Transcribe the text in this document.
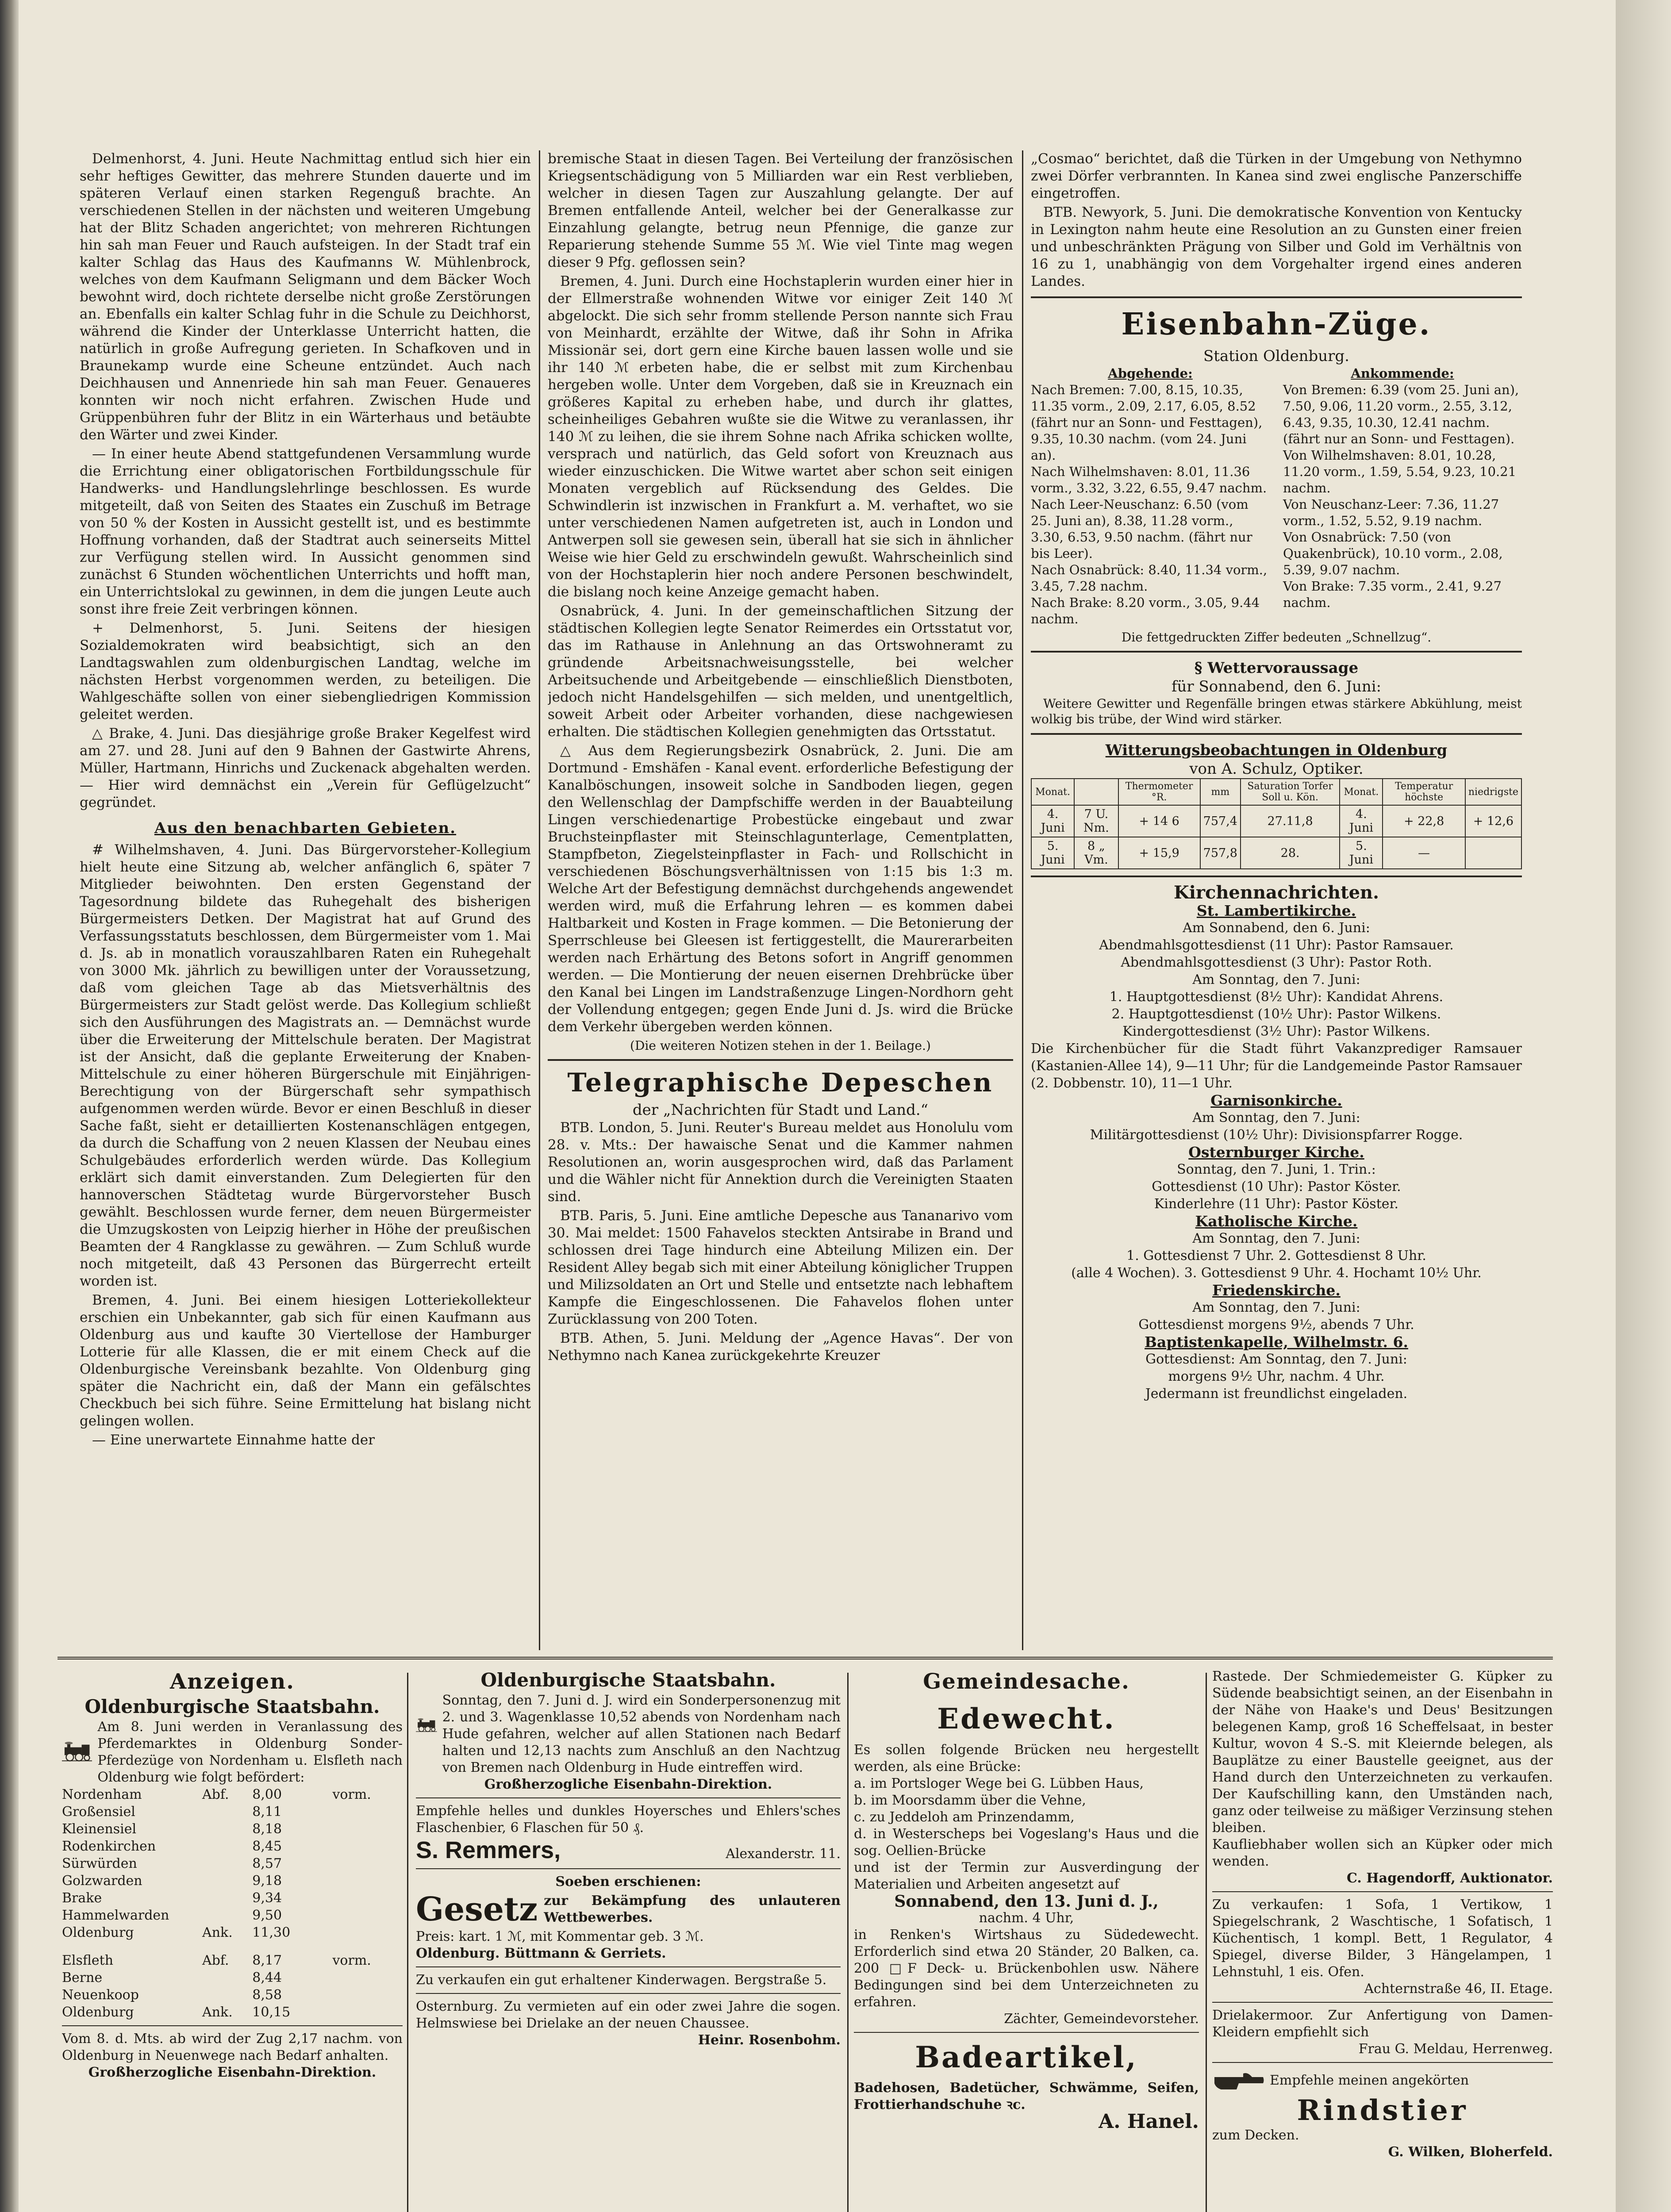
Delmenhorst, 4. Juni. Heute Nachmittag entlud sich hier ein sehr heftiges Gewitter, das mehrere Stunden dauerte und im späteren Verlauf einen starken Regenguß brachte. An verschiedenen Stellen in der nächsten und weiteren Umgebung hat der Blitz Schaden angerichtet; von mehreren Richtungen hin sah man Feuer und Rauch aufsteigen. In der Stadt traf ein kalter Schlag das Haus des Kaufmanns W. Mühlenbrock, welches von dem Kaufmann Seligmann und dem Bäcker Woch bewohnt wird, doch richtete derselbe nicht große Zerstörungen an. Ebenfalls ein kalter Schlag fuhr in die Schule zu Deichhorst, während die Kinder der Unterklasse Unterricht hatten, die natürlich in große Aufregung gerieten. In Schafkoven und in Braunekamp wurde eine Scheune entzündet. Auch nach Deichhausen und Annenriede hin sah man Feuer. Genaueres konnten wir noch nicht erfahren. Zwischen Hude und Grüppenbühren fuhr der Blitz in ein Wärterhaus und betäubte den Wärter und zwei Kinder.
— In einer heute Abend stattgefundenen Versammlung wurde die Errichtung einer obligatorischen Fortbildungsschule für Handwerks- und Handlungslehrlinge beschlossen. Es wurde mitgeteilt, daß von Seiten des Staates ein Zuschuß im Betrage von 50 % der Kosten in Aussicht gestellt ist, und es bestimmte Hoffnung vorhanden, daß der Stadtrat auch seinerseits Mittel zur Verfügung stellen wird. In Aussicht genommen sind zunächst 6 Stunden wöchentlichen Unterrichts und hofft man, ein Unterrichtslokal zu gewinnen, in dem die jungen Leute auch sonst ihre freie Zeit verbringen können.
+ Delmenhorst, 5. Juni. Seitens der hiesigen Sozialdemokraten wird beabsichtigt, sich an den Landtagswahlen zum oldenburgischen Landtag, welche im nächsten Herbst vorgenommen werden, zu beteiligen. Die Wahlgeschäfte sollen von einer siebengliedrigen Kommission geleitet werden.
△ Brake, 4. Juni. Das diesjährige große Braker Kegelfest wird am 27. und 28. Juni auf den 9 Bahnen der Gastwirte Ahrens, Müller, Hartmann, Hinrichs und Zuckenack abgehalten werden. — Hier wird demnächst ein „Verein für Geflügelzucht“ gegründet.
Aus den benachbarten Gebieten.
# Wilhelmshaven, 4. Juni. Das Bürgervorsteher-Kollegium hielt heute eine Sitzung ab, welcher anfänglich 6, später 7 Mitglieder beiwohnten. Den ersten Gegenstand der Tagesordnung bildete das Ruhegehalt des bisherigen Bürgermeisters Detken. Der Magistrat hat auf Grund des Verfassungsstatuts beschlossen, dem Bürgermeister vom 1. Mai d. Js. ab in monatlich vorauszahlbaren Raten ein Ruhegehalt von 3000 Mk. jährlich zu bewilligen unter der Voraussetzung, daß vom gleichen Tage ab das Mietsverhältnis des Bürgermeisters zur Stadt gelöst werde. Das Kollegium schließt sich den Ausführungen des Magistrats an. — Demnächst wurde über die Erweiterung der Mittelschule beraten. Der Magistrat ist der Ansicht, daß die geplante Erweiterung der Knaben-Mittelschule zu einer höheren Bürgerschule mit Einjährigen-Berechtigung von der Bürgerschaft sehr sympathisch aufgenommen werden würde. Bevor er einen Beschluß in dieser Sache faßt, sieht er detaillierten Kostenanschlägen entgegen, da durch die Schaffung von 2 neuen Klassen der Neubau eines Schulgebäudes erforderlich werden würde. Das Kollegium erklärt sich damit einverstanden. Zum Delegierten für den hannoverschen Städtetag wurde Bürgervorsteher Busch gewählt. Beschlossen wurde ferner, dem neuen Bürgermeister die Umzugskosten von Leipzig hierher in Höhe der preußischen Beamten der 4 Rangklasse zu gewähren. — Zum Schluß wurde noch mitgeteilt, daß 43 Personen das Bürgerrecht erteilt worden ist.
Bremen, 4. Juni. Bei einem hiesigen Lotteriekollekteur erschien ein Unbekannter, gab sich für einen Kaufmann aus Oldenburg aus und kaufte 30 Viertellose der Hamburger Lotterie für alle Klassen, die er mit einem Check auf die Oldenburgische Vereinsbank bezahlte. Von Oldenburg ging später die Nachricht ein, daß der Mann ein gefälschtes Checkbuch bei sich führe. Seine Ermittelung hat bislang nicht gelingen wollen.
— Eine unerwartete Einnahme hatte der
bremische Staat in diesen Tagen. Bei Verteilung der französischen Kriegsentschädigung von 5 Milliarden war ein Rest verblieben, welcher in diesen Tagen zur Auszahlung gelangte. Der auf Bremen entfallende Anteil, welcher bei der Generalkasse zur Einzahlung gelangte, betrug neun Pfennige, die ganze zur Reparierung stehende Summe 55 ℳ. Wie viel Tinte mag wegen dieser 9 Pfg. geflossen sein?
Bremen, 4. Juni. Durch eine Hochstaplerin wurden einer hier in der Ellmerstraße wohnenden Witwe vor einiger Zeit 140 ℳ abgelockt. Die sich sehr fromm stellende Person nannte sich Frau von Meinhardt, erzählte der Witwe, daß ihr Sohn in Afrika Missionär sei, dort gern eine Kirche bauen lassen wolle und sie ihr 140 ℳ erbeten habe, die er selbst mit zum Kirchenbau hergeben wolle. Unter dem Vorgeben, daß sie in Kreuznach ein größeres Kapital zu erheben habe, und durch ihr glattes, scheinheiliges Gebahren wußte sie die Witwe zu veranlassen, ihr 140 ℳ zu leihen, die sie ihrem Sohne nach Afrika schicken wollte, versprach und natürlich, das Geld sofort von Kreuznach aus wieder einzuschicken. Die Witwe wartet aber schon seit einigen Monaten vergeblich auf Rücksendung des Geldes. Die Schwindlerin ist inzwischen in Frankfurt a. M. verhaftet, wo sie unter verschiedenen Namen aufgetreten ist, auch in London und Antwerpen soll sie gewesen sein, überall hat sie sich in ähnlicher Weise wie hier Geld zu erschwindeln gewußt. Wahrscheinlich sind von der Hochstaplerin hier noch andere Personen beschwindelt, die bislang noch keine Anzeige gemacht haben.
Osnabrück, 4. Juni. In der gemeinschaftlichen Sitzung der städtischen Kollegien legte Senator Reimerdes ein Ortsstatut vor, das im Rathause in Anlehnung an das Ortswohneramt zu gründende Arbeitsnachweisungsstelle, bei welcher Arbeitsuchende und Arbeitgebende — einschließlich Dienstboten, jedoch nicht Handelsgehilfen — sich melden, und unentgeltlich, soweit Arbeit oder Arbeiter vorhanden, diese nachgewiesen erhalten. Die städtischen Kollegien genehmigten das Ortsstatut.
△ Aus dem Regierungsbezirk Osnabrück, 2. Juni. Die am Dortmund - Emshäfen - Kanal event. erforderliche Befestigung der Kanalböschungen, insoweit solche in Sandboden liegen, gegen den Wellenschlag der Dampfschiffe werden in der Bauabteilung Lingen verschiedenartige Probestücke eingebaut und zwar Bruchsteinpflaster mit Steinschlagunterlage, Cementplatten, Stampfbeton, Ziegelsteinpflaster in Fach- und Rollschicht in verschiedenen Böschungsverhältnissen von 1:15 bis 1:3 m. Welche Art der Befestigung demnächst durchgehends angewendet werden wird, muß die Erfahrung lehren — es kommen dabei Haltbarkeit und Kosten in Frage kommen. — Die Betonierung der Sperrschleuse bei Gleesen ist fertiggestellt, die Maurerarbeiten werden nach Erhärtung des Betons sofort in Angriff genommen werden. — Die Montierung der neuen eisernen Drehbrücke über den Kanal bei Lingen im Landstraßenzuge Lingen-Nordhorn geht der Vollendung entgegen; gegen Ende Juni d. Js. wird die Brücke dem Verkehr übergeben werden können.
(Die weiteren Notizen stehen in der 1. Beilage.)
Telegraphische Depeschen
der „Nachrichten für Stadt und Land.“
BTB. London, 5. Juni. Reuter's Bureau meldet aus Honolulu vom 28. v. Mts.: Der hawaische Senat und die Kammer nahmen Resolutionen an, worin ausgesprochen wird, daß das Parlament und die Wähler nicht für Annektion durch die Vereinigten Staaten sind.
BTB. Paris, 5. Juni. Eine amtliche Depesche aus Tananarivo vom 30. Mai meldet: 1500 Fahavelos steckten Antsirabe in Brand und schlossen drei Tage hindurch eine Abteilung Milizen ein. Der Resident Alley begab sich mit einer Abteilung königlicher Truppen und Milizsoldaten an Ort und Stelle und entsetzte nach lebhaftem Kampfe die Eingeschlossenen. Die Fahavelos flohen unter Zurücklassung von 200 Toten.
BTB. Athen, 5. Juni. Meldung der „Agence Havas“. Der von Nethymno nach Kanea zurückgekehrte Kreuzer
„Cosmao“ berichtet, daß die Türken in der Umgebung von Nethymno zwei Dörfer verbrannten. In Kanea sind zwei englische Panzerschiffe eingetroffen.
BTB. Newyork, 5. Juni. Die demokratische Konvention von Kentucky in Lexington nahm heute eine Resolution an zu Gunsten einer freien und unbeschränkten Prägung von Silber und Gold im Verhältnis von 16 zu 1, unabhängig von dem Vorgehalter irgend eines anderen Landes.
Eisenbahn-Züge.
Station Oldenburg.
Abgehende:
Nach Bremen: 7.00, 8.15, 10.35, 11.35 vorm., 2.09, 2.17, 6.05, 8.52 (fährt nur an Sonn- und Festtagen), 9.35, 10.30 nachm. (vom 24. Juni an).
Nach Wilhelmshaven: 8.01, 11.36 vorm., 3.32, 3.22, 6.55, 9.47 nachm.
Nach Leer-Neuschanz: 6.50 (vom 25. Juni an), 8.38, 11.28 vorm., 3.30, 6.53, 9.50 nachm. (fährt nur bis Leer).
Nach Osnabrück: 8.40, 11.34 vorm., 3.45, 7.28 nachm.
Nach Brake: 8.20 vorm., 3.05, 9.44 nachm.
Ankommende:
Von Bremen: 6.39 (vom 25. Juni an), 7.50, 9.06, 11.20 vorm., 2.55, 3.12, 6.43, 9.35, 10.30, 12.41 nachm. (fährt nur an Sonn- und Festtagen).
Von Wilhelmshaven: 8.01, 10.28, 11.20 vorm., 1.59, 5.54, 9.23, 10.21 nachm.
Von Neuschanz-Leer: 7.36, 11.27 vorm., 1.52, 5.52, 9.19 nachm.
Von Osnabrück: 7.50 (von Quakenbrück), 10.10 vorm., 2.08, 5.39, 9.07 nachm.
Von Brake: 7.35 vorm., 2.41, 9.27 nachm.
Die fettgedruckten Ziffer bedeuten „Schnellzug“.
§ Wettervoraussage
für Sonnabend, den 6. Juni:
Weitere Gewitter und Regenfälle bringen etwas stärkere Abkühlung, meist wolkig bis trübe, der Wind wird stärker.
Witterungsbeobachtungen in Oldenburg
von A. Schulz, Optiker.
Monat.		Thermometer °R.	mm	Saturation Torfer Soll u. Kön.	Monat.	Temperatur höchste	niedrigste
4. Juni	7 U. Nm.	+ 14 6	757,4	27.11,8	4. Juni	+ 22,8	+ 12,6
5. Juni	8 „ Vm.	+ 15,9	757,8	28.	5. Juni	—	
Kirchennachrichten.
St. Lambertikirche.
Am Sonnabend, den 6. Juni:
Abendmahlsgottesdienst (11 Uhr): Pastor Ramsauer.
Abendmahlsgottesdienst (3 Uhr): Pastor Roth.
Am Sonntag, den 7. Juni:
1. Hauptgottesdienst (8½ Uhr): Kandidat Ahrens.
2. Hauptgottesdienst (10½ Uhr): Pastor Wilkens.
Kindergottesdienst (3½ Uhr): Pastor Wilkens.
Die Kirchenbücher für die Stadt führt Vakanzprediger Ramsauer (Kastanien-Allee 14), 9—11 Uhr; für die Landgemeinde Pastor Ramsauer (2. Dobbenstr. 10), 11—1 Uhr.
Garnisonkirche.
Am Sonntag, den 7. Juni:
Militärgottesdienst (10½ Uhr): Divisionspfarrer Rogge.
Osternburger Kirche.
Sonntag, den 7. Juni, 1. Trin.:
Gottesdienst (10 Uhr): Pastor Köster.
Kinderlehre (11 Uhr): Pastor Köster.
Katholische Kirche.
Am Sonntag, den 7. Juni:
1. Gottesdienst 7 Uhr. 2. Gottesdienst 8 Uhr.
(alle 4 Wochen). 3. Gottesdienst 9 Uhr. 4. Hochamt 10½ Uhr.
Friedenskirche.
Am Sonntag, den 7. Juni:
Gottesdienst morgens 9½, abends 7 Uhr.
Baptistenkapelle, Wilhelmstr. 6.
Gottesdienst: Am Sonntag, den 7. Juni:
morgens 9½ Uhr, nachm. 4 Uhr.
Jedermann ist freundlichst eingeladen.
Anzeigen.
Oldenburgische Staatsbahn.
Am 8. Juni werden in Veranlassung des Pferdemarktes in Oldenburg Sonder-Pferdezüge von Nordenham u. Elsfleth nach Oldenburg wie folgt befördert:
Nordenham	Abf.	8,00	vorm.
Großensiel	8,11
Kleinensiel	8,18
Rodenkirchen	8,45
Sürwürden	8,57
Golzwarden	9,18
Brake	9,34
Hammelwarden	9,50
Oldenburg	Ank.	11,30
Elsfleth	Abf.	8,17	vorm.
Berne	8,44
Neuenkoop	8,58
Oldenburg	Ank.	10,15
Vom 8. d. Mts. ab wird der Zug 2,17 nachm. von Oldenburg in Neuenwege nach Bedarf anhalten.
Großherzogliche Eisenbahn-Direktion.
Oldenburgische Staatsbahn.
Sonntag, den 7. Juni d. J. wird ein Sonderpersonenzug mit 2. und 3. Wagenklasse 10,52 abends von Nordenham nach Hude gefahren, welcher auf allen Stationen nach Bedarf halten und 12,13 nachts zum Anschluß an den Nachtzug von Bremen nach Oldenburg in Hude eintreffen wird.
Großherzogliche Eisenbahn-Direktion.
Empfehle helles und dunkles Hoyersches und Ehlers'sches Flaschenbier, 6 Flaschen für 50 ₰.
S. Remmers,	Alexanderstr. 11.
Soeben erschienen:
Gesetz zur Bekämpfung des unlauteren Wettbewerbes.
Preis: kart. 1 ℳ, mit Kommentar geb. 3 ℳ.
Oldenburg. Büttmann & Gerriets.
Zu verkaufen ein gut erhaltener Kinderwagen. Bergstraße 5.
Osternburg. Zu vermieten auf ein oder zwei Jahre die sogen. Helmswiese bei Drielake an der neuen Chaussee.
Heinr. Rosenbohm.
Gemeindesache.
Edewecht.
Es sollen folgende Brücken neu hergestellt werden, als eine Brücke:
a. im Portsloger Wege bei G. Lübben Haus,
b. im Moorsdamm über die Vehne,
c. zu Jeddeloh am Prinzendamm,
d. in Westerscheps bei Vogeslang's Haus und die sog. Oellien-Brücke
und ist der Termin zur Ausverdingung der Materialien und Arbeiten angesetzt auf
Sonnabend, den 13. Juni d. J.,
nachm. 4 Uhr,
in Renken's Wirtshaus zu Südedewecht. Erforderlich sind etwa 20 Ständer, 20 Balken, ca. 200 □F Deck- u. Brückenbohlen usw. Nähere Bedingungen sind bei dem Unterzeichneten zu erfahren.
Zächter, Gemeindevorsteher.
Badeartikel,
Badehosen, Badetücher, Schwämme, Seifen, Frottierhandschuhe ꝛc.
A. Hanel.
Rastede. Der Schmiedemeister G. Küpker zu Südende beabsichtigt seinen, an der Eisenbahn in der Nähe von Haake's und Deus' Besitzungen belegenen Kamp, groß 16 Scheffelsaat, in bester Kultur, wovon 4 S.-S. mit Kleiernde belegen, als Bauplätze zu einer Baustelle geeignet, aus der Hand durch den Unterzeichneten zu verkaufen. Der Kaufschilling kann, den Umständen nach, ganz oder teilweise zu mäßiger Verzinsung stehen bleiben.
Kaufliebhaber wollen sich an Küpker oder mich wenden.
C. Hagendorff, Auktionator.
Zu verkaufen: 1 Sofa, 1 Vertikow, 1 Spiegelschrank, 2 Waschtische, 1 Sofatisch, 1 Küchentisch, 1 kompl. Bett, 1 Regulator, 4 Spiegel, diverse Bilder, 3 Hängelampen, 1 Lehnstuhl, 1 eis. Ofen.
Achternstraße 46, II. Etage.
Drielakermoor. Zur Anfertigung von Damen-Kleidern empfiehlt sich
Frau G. Meldau, Herrenweg.
Empfehle meinen angekörten
Rindstier
zum Decken.
G. Wilken, Bloherfeld.
